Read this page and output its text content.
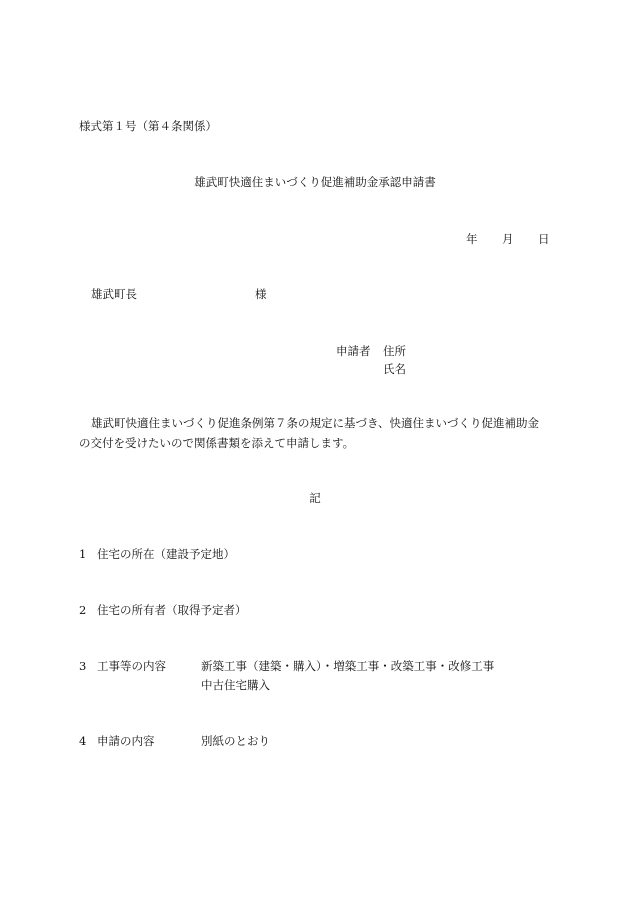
様式第１号（第４条関係）
雄武町快適住まいづくり促進補助金承認申請書
年 月 日
雄武町長	様
申請者 住所
氏名
雄武町快適住まいづくり促進条例第７条の規定に基づき、快適住まいづくり促進補助金
の交付を受けたいので関係書類を添えて申請します。
記
1 住宅の所在（建設予定地）
2 住宅の所有者（取得予定者）
3 工事等の内容	新築工事（建築・購入）・増築工事・改築工事・改修工事
中古住宅購入
4 申請の内容	別紙のとおり
